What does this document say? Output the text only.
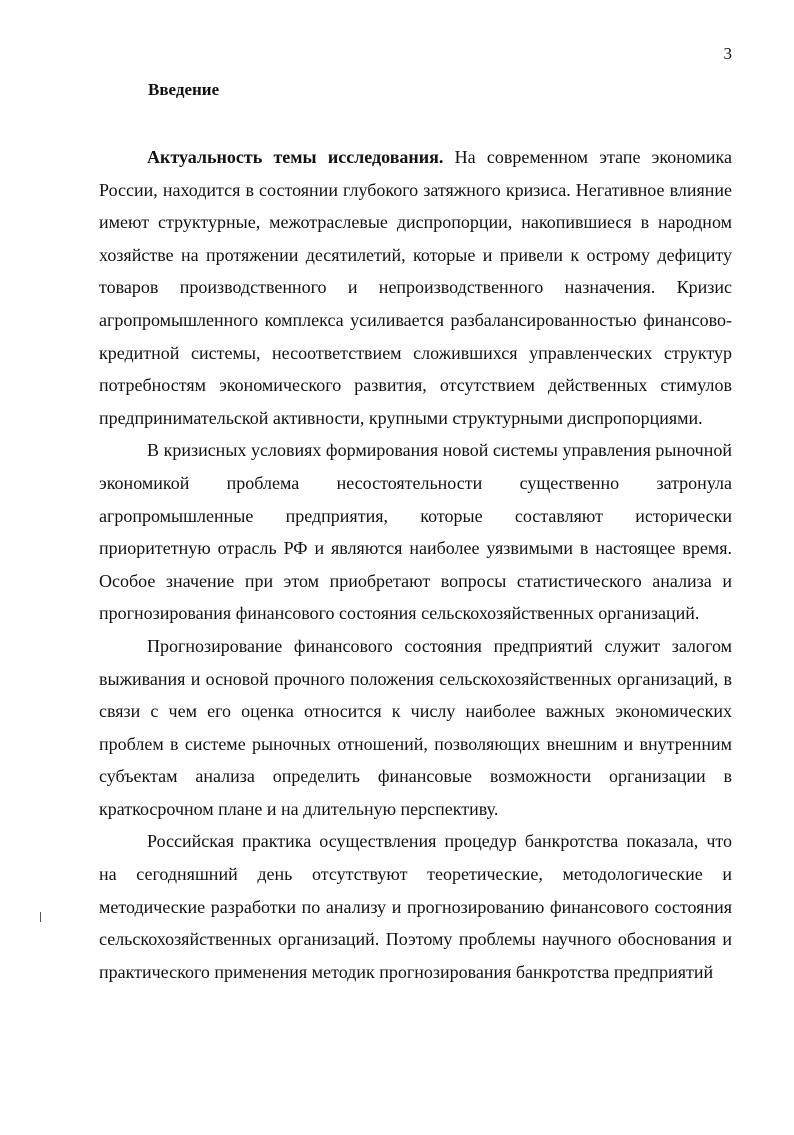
3
Введение

Актуальность темы исследования. На современном этапе экономика России, находится в состоянии глубокого затяжного кризиса. Негативное влияние имеют структурные, межотраслевые диспропорции, накопившиеся в народном хозяйстве на протяжении десятилетий, которые и привели к острому дефициту товаров производственного и непроизводственного назначения. Кризис агропромышленного комплекса усиливается разбалансированностью финансово-кредитной системы, несоответствием сложившихся управленческих структур потребностям экономического развития, отсутствием действенных стимулов предпринимательской активности, крупными структурными диспропорциями.

В кризисных условиях формирования новой системы управления рыночной экономикой проблема несостоятельности существенно затронула агропромышленные предприятия, которые составляют исторически приоритетную отрасль РФ и являются наиболее уязвимыми в настоящее время. Особое значение при этом приобретают вопросы статистического анализа и прогнозирования финансового состояния сельскохозяйственных организаций.

Прогнозирование финансового состояния предприятий служит залогом выживания и основой прочного положения сельскохозяйственных организаций, в связи с чем его оценка относится к числу наиболее важных экономических проблем в системе рыночных отношений, позволяющих внешним и внутренним субъектам анализа определить финансовые возможности организации в краткосрочном плане и на длительную перспективу.

Российская практика осуществления процедур банкротства показала, что на сегодняшний день отсутствуют теоретические, методологические и методические разработки по анализу и прогнозированию финансового состояния сельскохозяйственных организаций. Поэтому проблемы научного обоснования и практического применения методик прогнозирования банкротства предприятий
